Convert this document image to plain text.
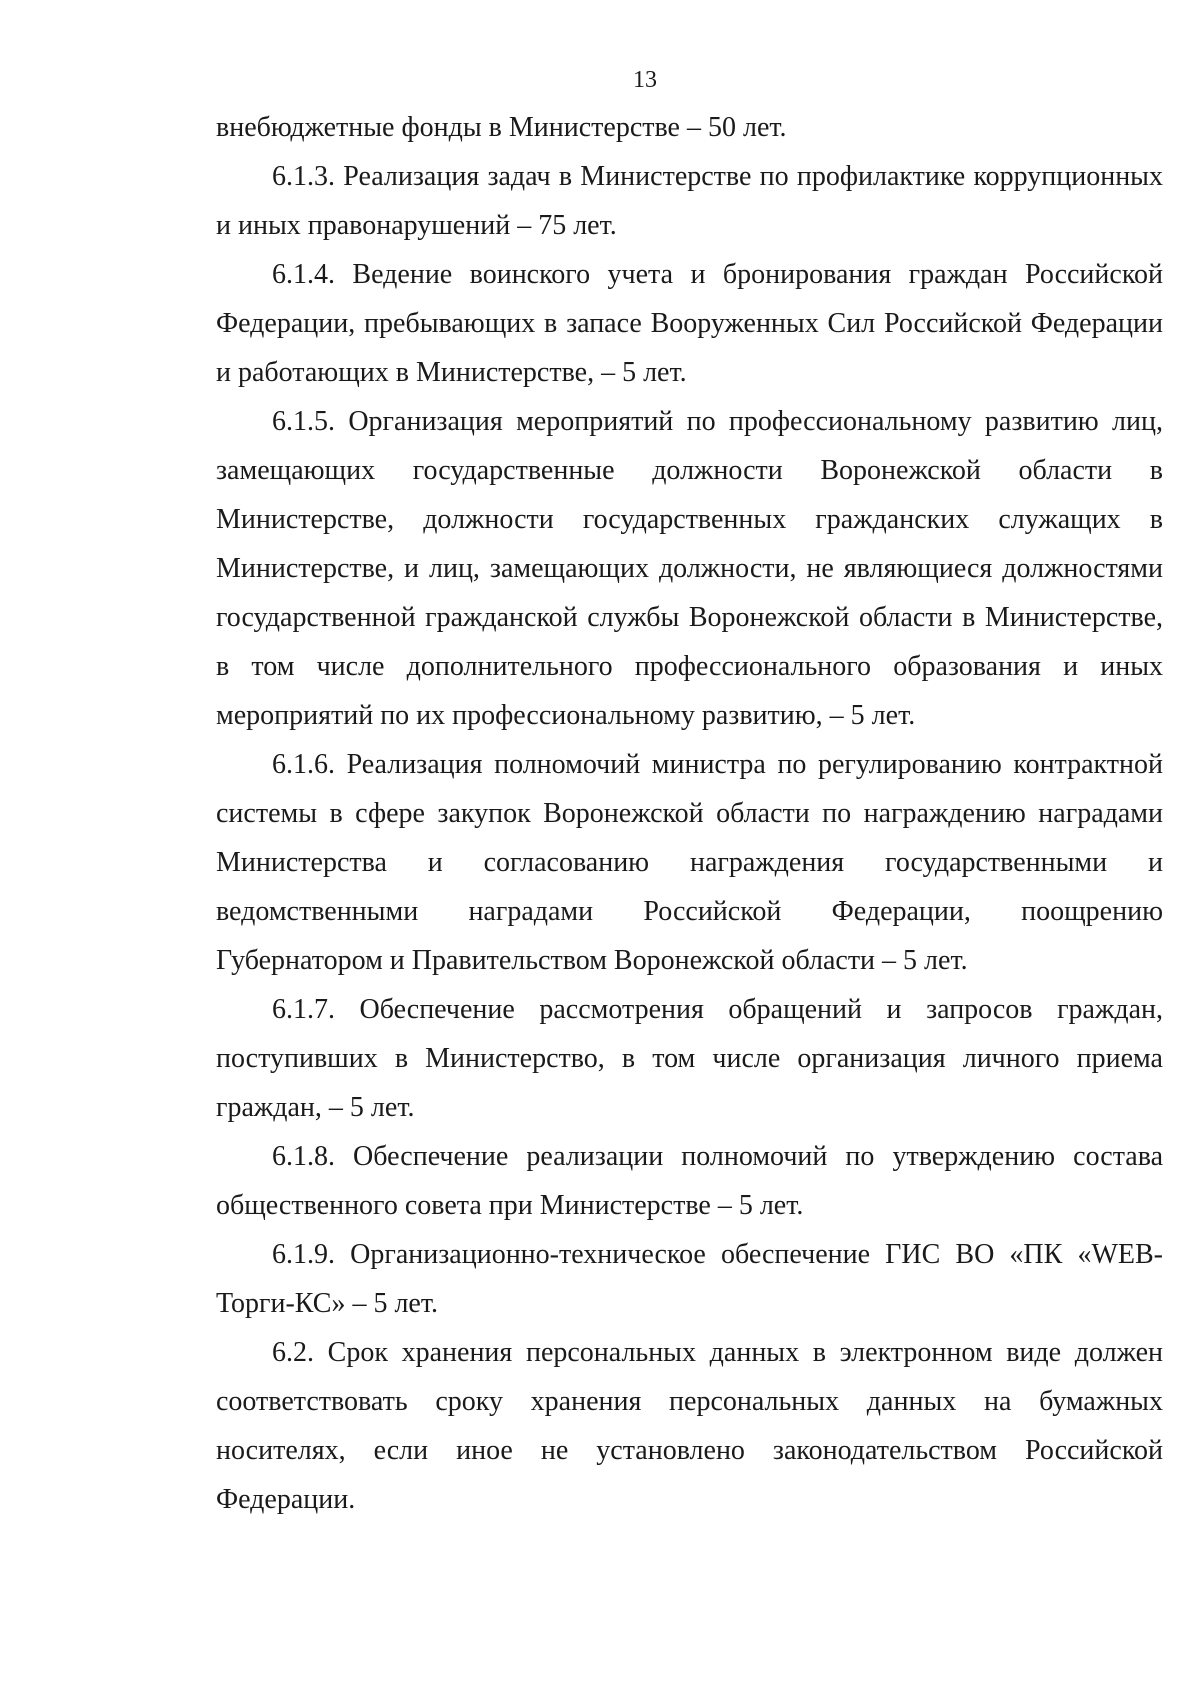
13

внебюджетные фонды в Министерстве – 50 лет.

6.1.3. Реализация задач в Министерстве по профилактике коррупционных и иных правонарушений – 75 лет.

6.1.4. Ведение воинского учета и бронирования граждан Российской Федерации, пребывающих в запасе Вооруженных Сил Российской Федерации и работающих в Министерстве, – 5 лет.

6.1.5. Организация мероприятий по профессиональному развитию лиц, замещающих государственные должности Воронежской области в Министерстве, должности государственных гражданских служащих в Министерстве, и лиц, замещающих должности, не являющиеся должностями государственной гражданской службы Воронежской области в Министерстве, в том числе дополнительного профессионального образования и иных мероприятий по их профессиональному развитию, – 5 лет.

6.1.6. Реализация полномочий министра по регулированию контрактной системы в сфере закупок Воронежской области по награждению наградами Министерства и согласованию награждения государственными и ведомственными наградами Российской Федерации, поощрению Губернатором и Правительством Воронежской области – 5 лет.

6.1.7. Обеспечение рассмотрения обращений и запросов граждан, поступивших в Министерство, в том числе организация личного приема граждан, – 5 лет.

6.1.8. Обеспечение реализации полномочий по утверждению состава общественного совета при Министерстве – 5 лет.

6.1.9. Организационно-техническое обеспечение ГИС ВО «ПК «WEB-Торги-КС» – 5 лет.

6.2. Срок хранения персональных данных в электронном виде должен соответствовать сроку хранения персональных данных на бумажных носителях, если иное не установлено законодательством Российской Федерации.
